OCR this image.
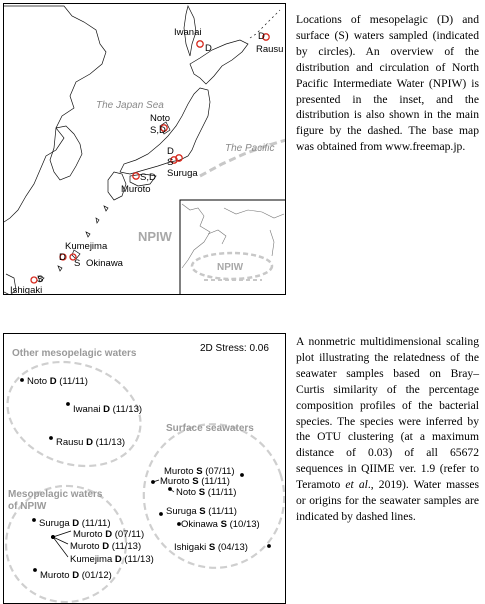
Iwanai
D
D
Rausu
Noto
S,D
D
S
Suruga
S,D
Muroto
Kumejima
D
S Okinawa
S
Ishigaki
The Japan Sea
The Pacific
NPIW
NPIW
Locations of mesopelagic (D) and surface (S) waters sampled (indicated by circles). An overview of the distribution and circulation of North Pacific Intermediate Water (NPIW) is presented in the inset, and the distribution is also shown in the main figure by the dashed. The base map was obtained from www.freemap.jp.
2D Stress: 0.06
Other mesopelagic waters
Surface seawaters
Mesopelagic waters
of NPIW
Noto D (11/11)
Iwanai D (11/13)
Rausu D (11/13)
Muroto S (07/11)
Muroto S (11/11)
Noto S (11/11)
Suruga S (11/11)
Okinawa S (10/13)
Ishigaki S (04/13)
Suruga D (11/11)
Muroto D (07/11)
Muroto D (11/13)
Kumejima D (11/13)
Muroto D (01/12)
A nonmetric multidimensional scaling plot illustrating the relatedness of the seawater samples based on Bray–Curtis similarity of the percentage composition profiles of the bacterial species. The species were inferred by the OTU clustering (at a maximum distance of 0.03) of all 65672 sequences in QIIME ver. 1.9 (refer to Teramoto et al., 2019). Water masses or origins for the seawater samples are indicated by dashed lines.
